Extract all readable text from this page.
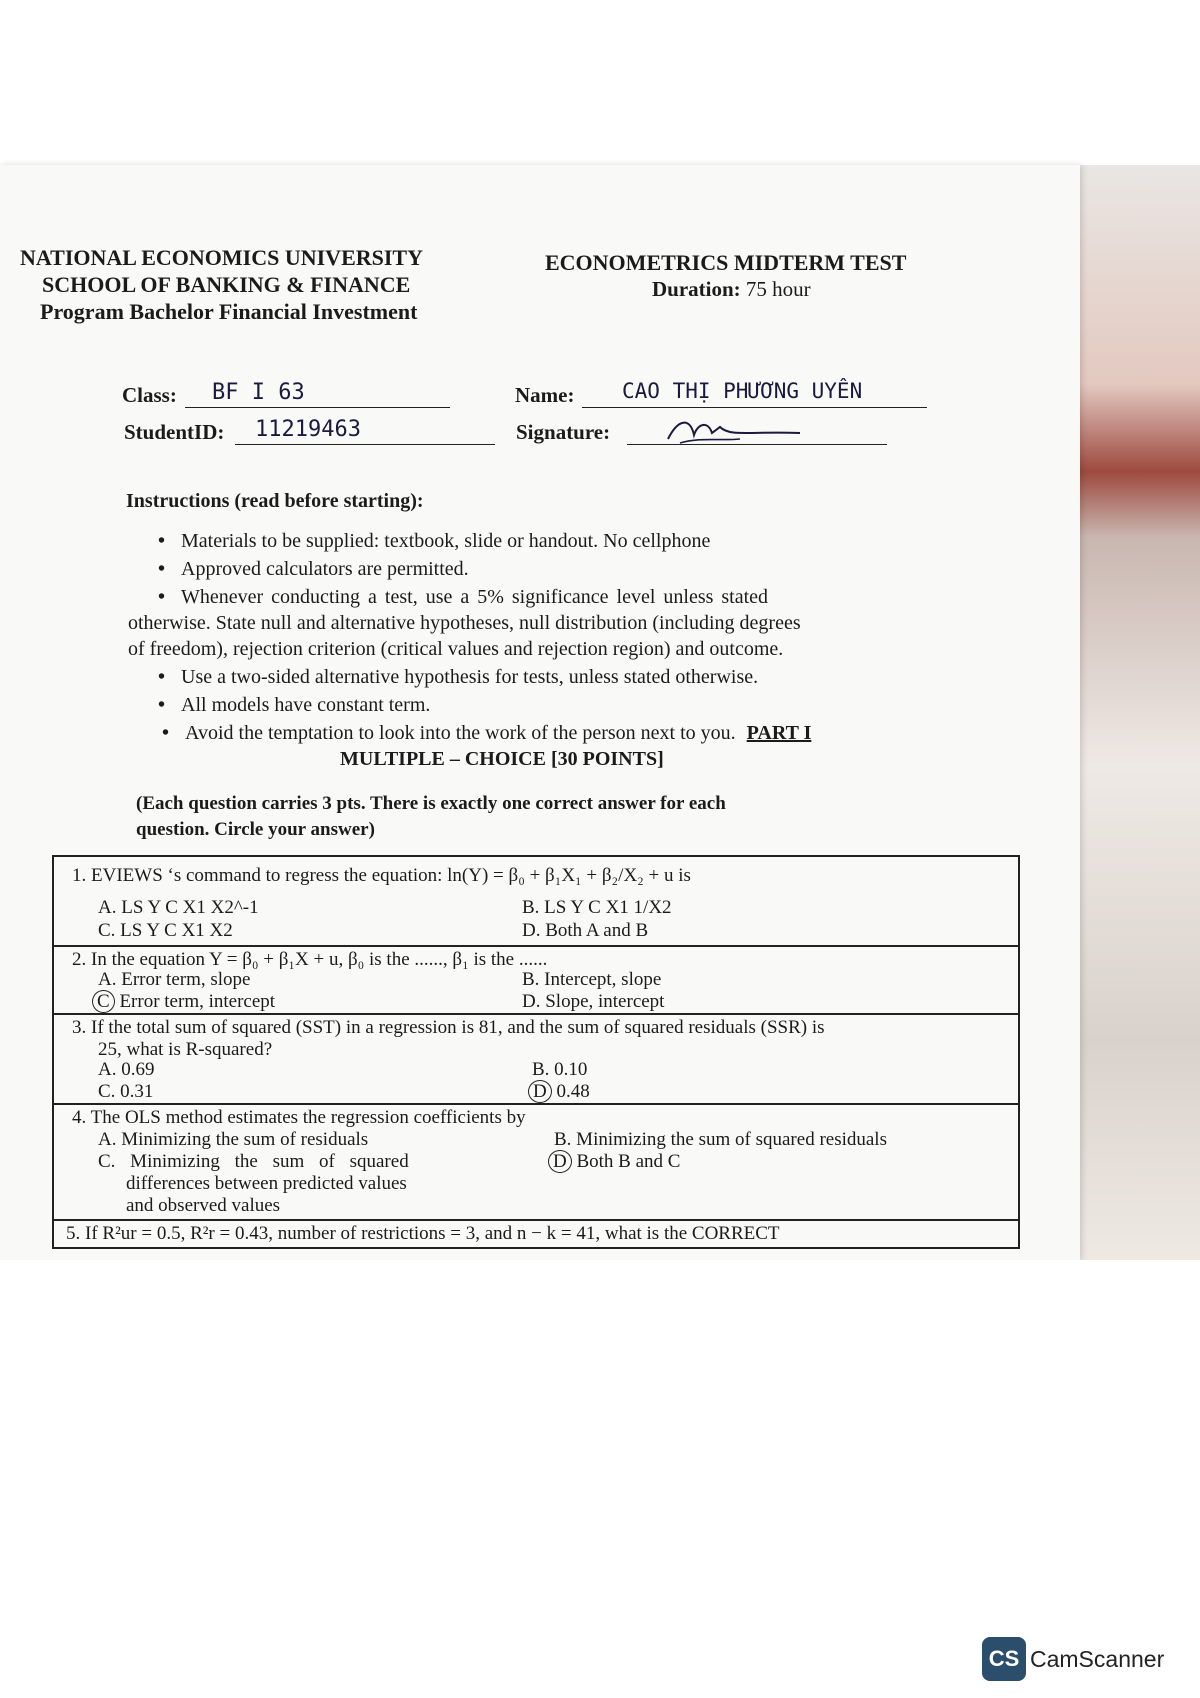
NATIONAL ECONOMICS UNIVERSITY
SCHOOL OF BANKING & FINANCE
Program Bachelor Financial Investment
ECONOMETRICS MIDTERM TEST
Duration: 75 hour
Class: BF I 63	Name: CAO THỊ PHƯƠNG UYÊN
StudentID: 11219463	Signature:
Instructions (read before starting):
• Materials to be supplied: textbook, slide or handout. No cellphone
• Approved calculators are permitted.
• Whenever conducting a test, use a 5% significance level unless stated
otherwise. State null and alternative hypotheses, null distribution (including degrees
of freedom), rejection criterion (critical values and rejection region) and outcome.
• Use a two-sided alternative hypothesis for tests, unless stated otherwise.
• All models have constant term.
• Avoid the temptation to look into the work of the person next to you. PART I
MULTIPLE – CHOICE [30 POINTS]
(Each question carries 3 pts. There is exactly one correct answer for each
question. Circle your answer)
1. EVIEWS ‘s command to regress the equation: ln(Y) = β₀ + β₁X₁ + β₂/X₂ + u is
A. LS Y C X1 X2^-1	B. LS Y C X1 1/X2
C. LS Y C X1 X2	D. Both A and B
2. In the equation Y = β₀ + β₁X + u, β₀ is the ......, β₁ is the ......
A. Error term, slope	B. Intercept, slope
C Error term, intercept	D. Slope, intercept
3. If the total sum of squared (SST) in a regression is 81, and the sum of squared residuals (SSR) is
25, what is R-squared?
A. 0.69	B. 0.10
C. 0.31	D 0.48
4. The OLS method estimates the regression coefficients by
A. Minimizing the sum of residuals	B. Minimizing the sum of squared residuals
C. Minimizing the sum of squared
differences between predicted values
and observed values
D Both B and C
5. If R²ur = 0.5, R²r = 0.43, number of restrictions = 3, and n − k = 41, what is the CORRECT
CS CamScanner
